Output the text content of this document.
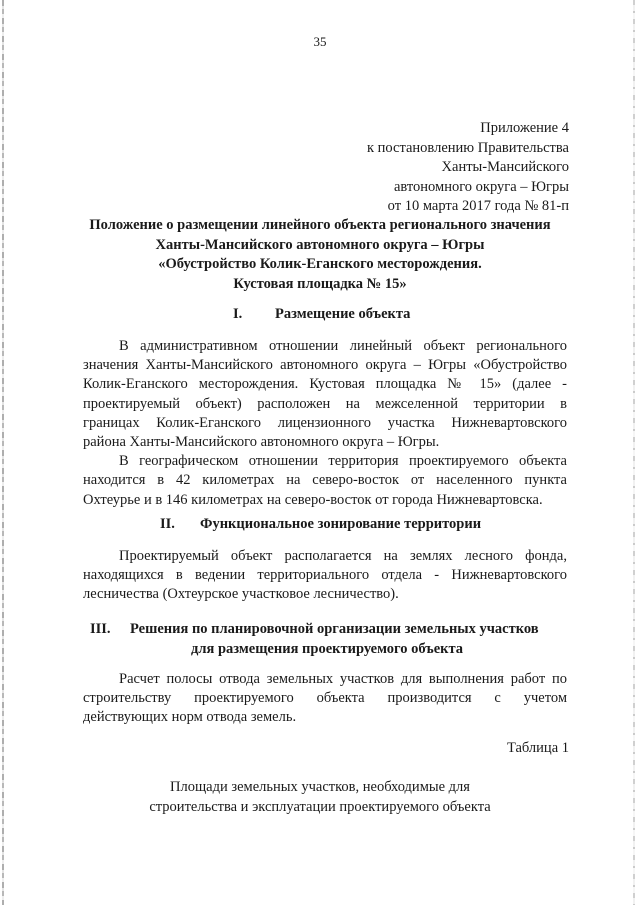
35
Приложение 4
к постановлению Правительства
Ханты-Мансийского
автономного округа – Югры
от 10 марта 2017 года № 81-п
Положение о размещении линейного объекта регионального значения
Ханты-Мансийского автономного округа – Югры
«Обустройство Колик-Еганского месторождения.
Кустовая площадка № 15»
I. Размещение объекта
В административном отношении линейный объект регионального
значения Ханты-Мансийского автономного округа – Югры «Обустройство
Колик-Еганского месторождения. Кустовая площадка № 15» (далее -
проектируемый объект) расположен на межселенной территории в
границах Колик-Еганского лицензионного участка Нижневартовского
района Ханты-Мансийского автономного округа – Югры.
В географическом отношении территория проектируемого объекта
находится в 42 километрах на северо-восток от населенного пункта
Охтеурье и в 146 километрах на северо-восток от города Нижневартовска.
II. Функциональное зонирование территории
Проектируемый объект располагается на землях лесного фонда,
находящихся в ведении территориального отдела - Нижневартовского
лесничества (Охтеурское участковое лесничество).
III. Решения по планировочной организации земельных участков
для размещения проектируемого объекта
Расчет полосы отвода земельных участков для выполнения работ по
строительству проектируемого объекта производится с учетом
действующих норм отвода земель.
Таблица 1
Площади земельных участков, необходимые для
строительства и эксплуатации проектируемого объекта
